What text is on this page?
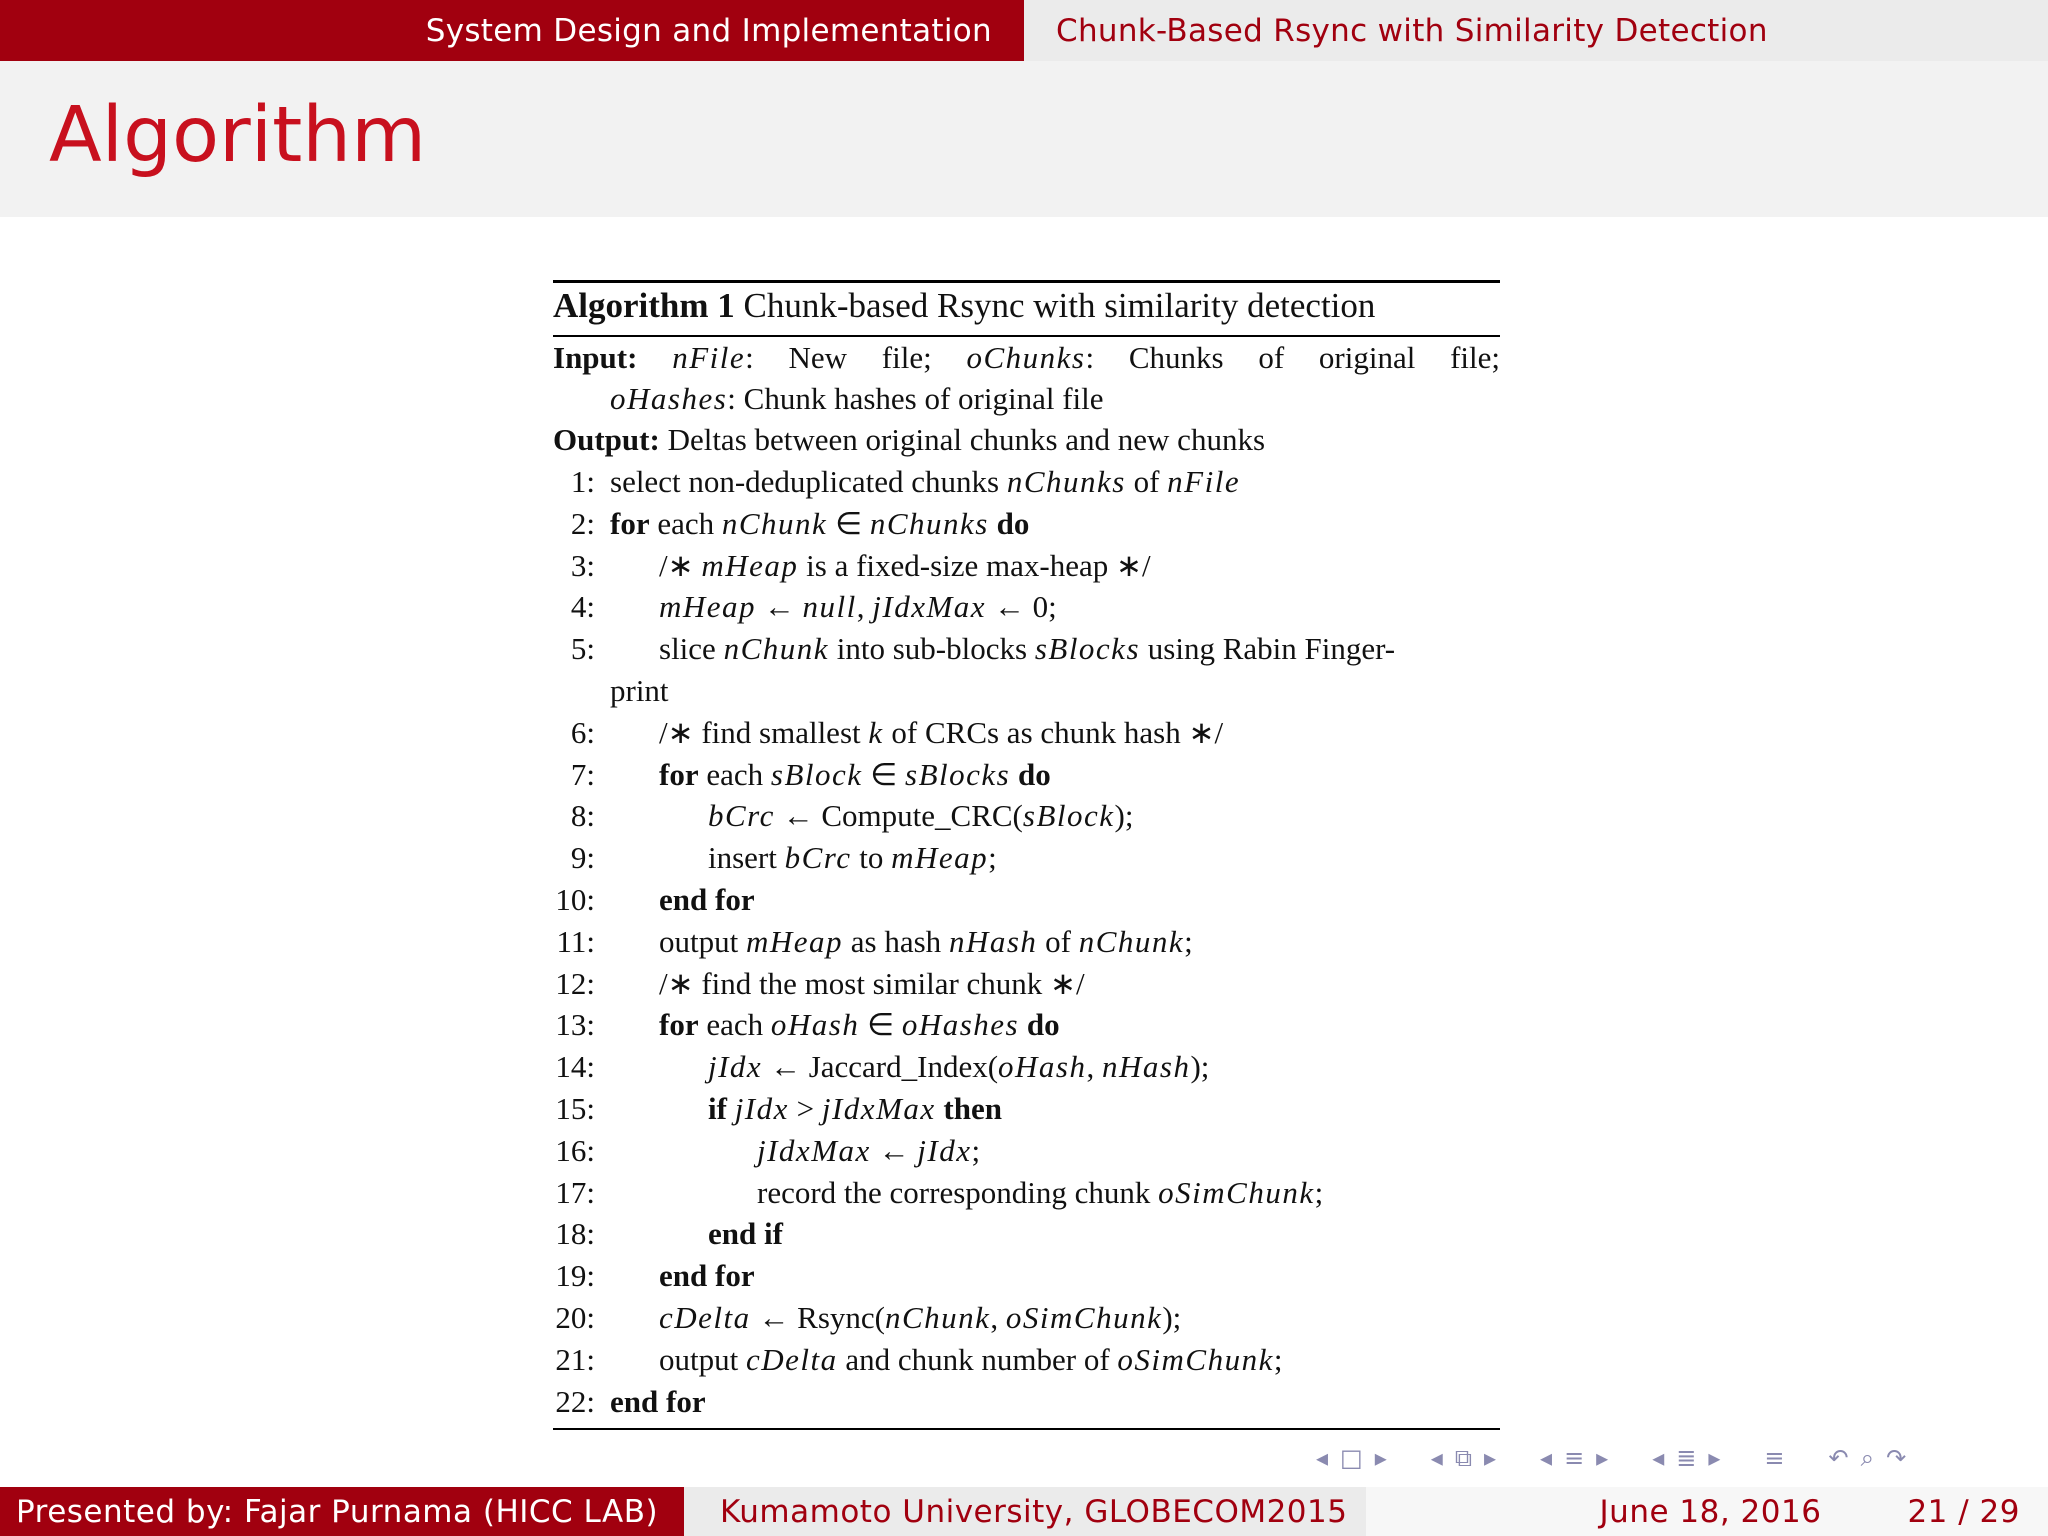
System Design and Implementation	Chunk-Based Rsync with Similarity Detection
Algorithm
Algorithm 1 Chunk-based Rsync with similarity detection
Input: nFile: New file; oChunks: Chunks of original file;
oHashes: Chunk hashes of original file
Output: Deltas between original chunks and new chunks
1: select non-deduplicated chunks nChunks of nFile
2: for each nChunk ∈ nChunks do
3: /∗ mHeap is a fixed-size max-heap ∗/
4: mHeap ← null, jIdxMax ← 0;
5: slice nChunk into sub-blocks sBlocks using Rabin Finger-
print
6: /∗ find smallest k of CRCs as chunk hash ∗/
7: for each sBlock ∈ sBlocks do
8:	bCrc ← Compute_CRC(sBlock);
9:	insert bCrc to mHeap;
10: end for
11: output mHeap as hash nHash of nChunk;
12: /∗ find the most similar chunk ∗/
13: for each oHash ∈ oHashes do
14:	jIdx ← Jaccard_Index(oHash, nHash);
15:	if jIdx > jIdxMax then
16:	jIdxMax ← jIdx;
17:	record the corresponding chunk oSimChunk;
18:	end if
19: end for
20: cDelta ← Rsync(nChunk, oSimChunk);
21: output cDelta and chunk number of oSimChunk;
22: end for
◂ □ ▸ ◂ ⧉ ▸ ◂ ≡ ▸ ◂ ≣ ▸ ≡ ↶ ⌕ ↷
Presented by: Fajar Purnama (HICC LAB)	Kumamoto University, GLOBECOM2015	June 18, 2016	21 / 29
